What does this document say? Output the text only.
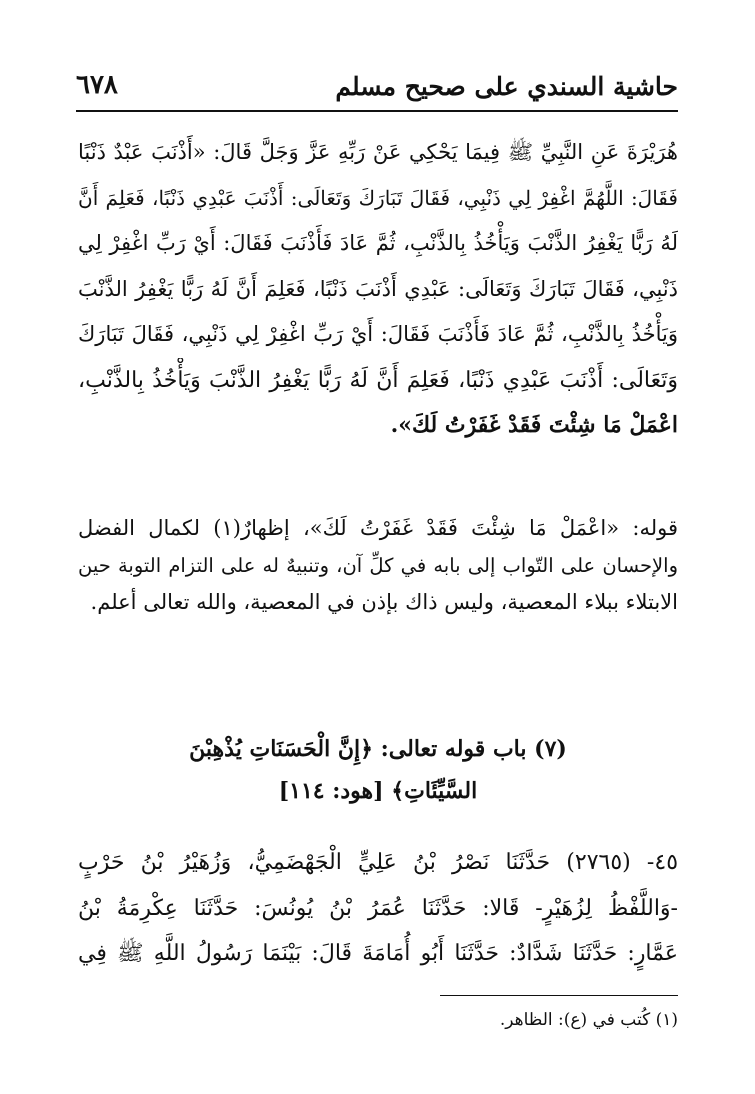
٦٧٨	حاشية السندي على صحيح مسلم
هُرَيْرَةَ عَنِ النَّبِيِّ ﷺ فِيمَا يَحْكِي عَنْ رَبِّهِ عَزَّ وَجَلَّ قَالَ: «أَذْنَبَ عَبْدٌ ذَنْبًا
فَقَالَ: اللَّهُمَّ اغْفِرْ لِي ذَنْبِي، فَقَالَ تَبَارَكَ وَتَعَالَى: أَذْنَبَ عَبْدِي ذَنْبًا، فَعَلِمَ أَنَّ
لَهُ رَبًّا يَغْفِرُ الذَّنْبَ وَيَأْخُذُ بِالذَّنْبِ، ثُمَّ عَادَ فَأَذْنَبَ فَقَالَ: أَيْ رَبِّ اغْفِرْ لِي
ذَنْبِي، فَقَالَ تَبَارَكَ وَتَعَالَى: عَبْدِي أَذْنَبَ ذَنْبًا، فَعَلِمَ أَنَّ لَهُ رَبًّا يَغْفِرُ الذَّنْبَ
وَيَأْخُذُ بِالذَّنْبِ، ثُمَّ عَادَ فَأَذْنَبَ فَقَالَ: أَيْ رَبِّ اغْفِرْ لِي ذَنْبِي، فَقَالَ تَبَارَكَ
وَتَعَالَى: أَذْنَبَ عَبْدِي ذَنْبًا، فَعَلِمَ أَنَّ لَهُ رَبًّا يَغْفِرُ الذَّنْبَ وَيَأْخُذُ بِالذَّنْبِ،
اعْمَلْ مَا شِئْتَ فَقَدْ غَفَرْتُ لَكَ».
قوله: «اعْمَلْ مَا شِئْتَ فَقَدْ غَفَرْتُ لَكَ»، إظهارٌ(١) لكمال الفضل
والإحسان على التّواب إلى بابه في كلِّ آن، وتنبيهٌ له على التزام التوبة حين
الابتلاء ببلاء المعصية، وليس ذاك بإذن في المعصية، والله تعالى أعلم.
(٧) باب قوله تعالى: ﴿إِنَّ الْحَسَنَاتِ يُذْهِبْنَ
السَّيِّئَاتِ﴾ [هود: ١١٤]
٤٥- (٢٧٦٥) حَدَّثَنَا نَصْرُ بْنُ عَلِيٍّ الْجَهْضَمِيُّ، وَزُهَيْرُ بْنُ حَرْبٍ
-وَاللَّفْظُ لِزُهَيْرٍ- قَالا: حَدَّثَنَا عُمَرُ بْنُ يُونُسَ: حَدَّثَنَا عِكْرِمَةُ بْنُ
عَمَّارٍ: حَدَّثَنَا شَدَّادٌ: حَدَّثَنَا أَبُو أُمَامَةَ قَالَ: بَيْنَمَا رَسُولُ اللَّهِ ﷺ فِي
(١) كُتب في (ع): الظاهر.
